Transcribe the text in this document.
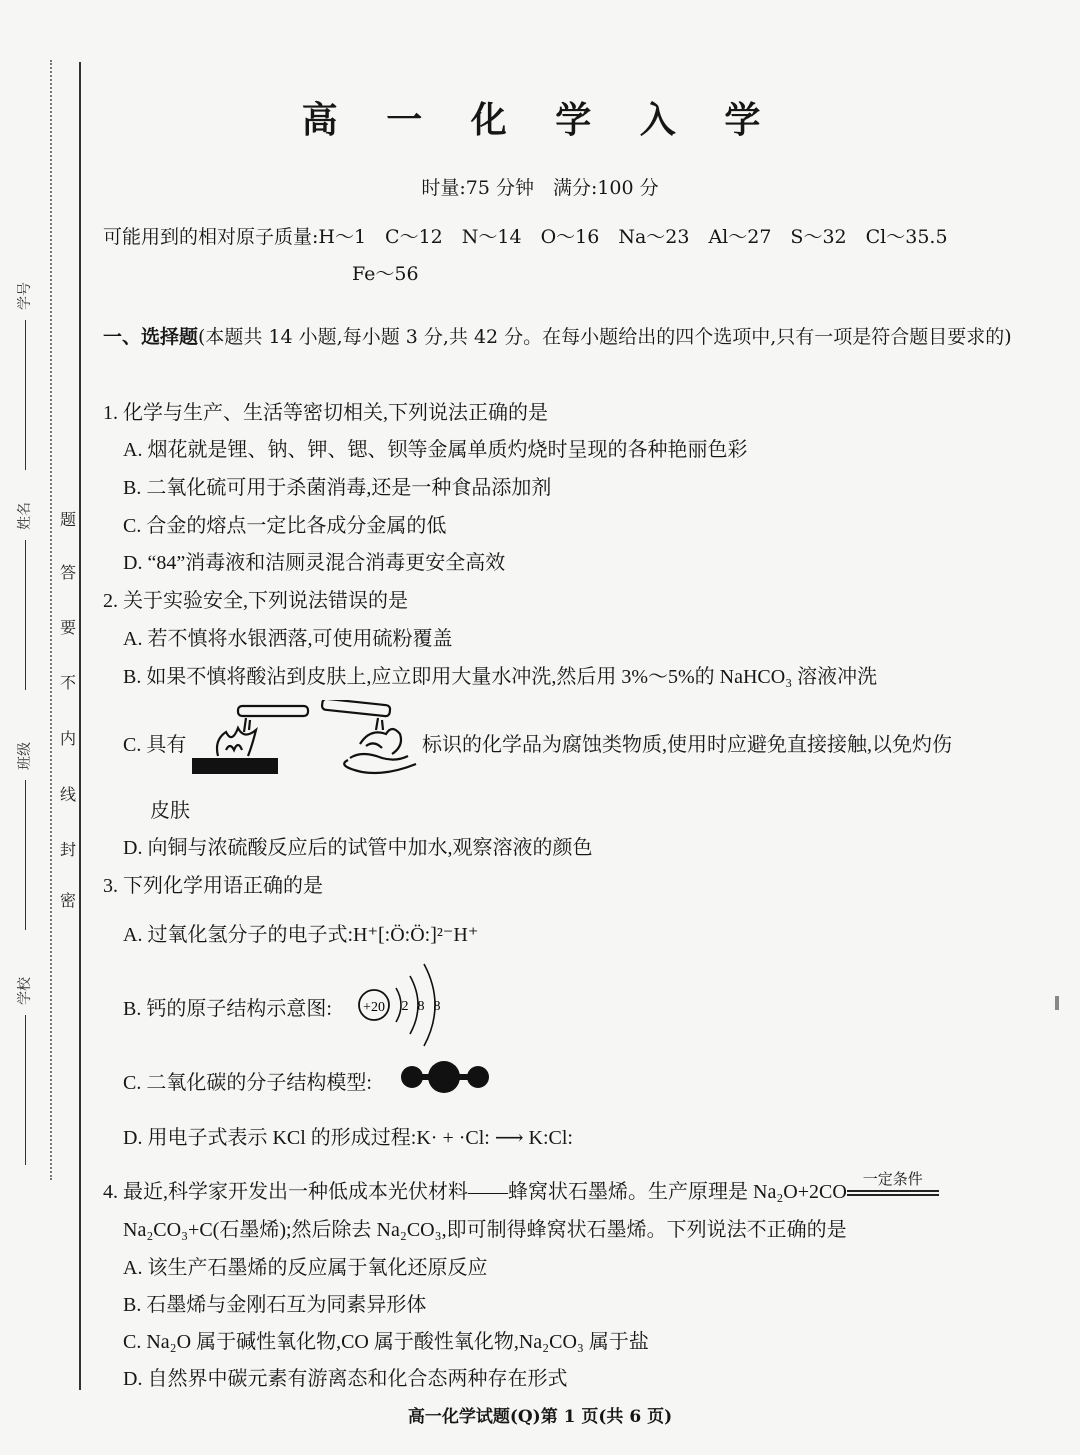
学号
姓名
班级
学校
题
答
要
不
内
线
封
密
高 一 化 学 入 学
时量:75 分钟　满分:100 分
可能用到的相对原子质量:H～1　C～12　N～14　O～16　Na～23　Al～27　S～32　Cl～35.5
Fe～56
一、选择题(本题共 14 小题,每小题 3 分,共 42 分。在每小题给出的四个选项中,只有一项是符合题目要求的)
1. 化学与生产、生活等密切相关,下列说法正确的是
A. 烟花就是锂、钠、钾、锶、钡等金属单质灼烧时呈现的各种艳丽色彩
B. 二氧化硫可用于杀菌消毒,还是一种食品添加剂
C. 合金的熔点一定比各成分金属的低
D. “84”消毒液和洁厕灵混合消毒更安全高效
2. 关于实验安全,下列说法错误的是
A. 若不慎将水银洒落,可使用硫粉覆盖
B. 如果不慎将酸沾到皮肤上,应立即用大量水冲洗,然后用 3%～5%的 NaHCO₃ 溶液冲洗
C. 具有	标识的化学品为腐蚀类物质,使用时应避免直接接触,以免灼伤
皮肤
D. 向铜与浓硫酸反应后的试管中加水,观察溶液的颜色
3. 下列化学用语正确的是
A. 过氧化氢分子的电子式:H⁺[:Ö:Ö:]²⁻H⁺
B. 钙的原子结构示意图: +20 2 8 8
C. 二氧化碳的分子结构模型:
D. 用电子式表示 KCl 的形成过程:K· + ·Cl: ⟶ K:Cl:
4. 最近,科学家开发出一种低成本光伏材料——蜂窝状石墨烯。生产原理是 Na₂O+2CO
一定条件
Na₂CO₃+C(石墨烯);然后除去 Na₂CO₃,即可制得蜂窝状石墨烯。下列说法不正确的是
A. 该生产石墨烯的反应属于氧化还原反应
B. 石墨烯与金刚石互为同素异形体
C. Na₂O 属于碱性氧化物,CO 属于酸性氧化物,Na₂CO₃ 属于盐
D. 自然界中碳元素有游离态和化合态两种存在形式
高一化学试题(Q)第 1 页(共 6 页)
